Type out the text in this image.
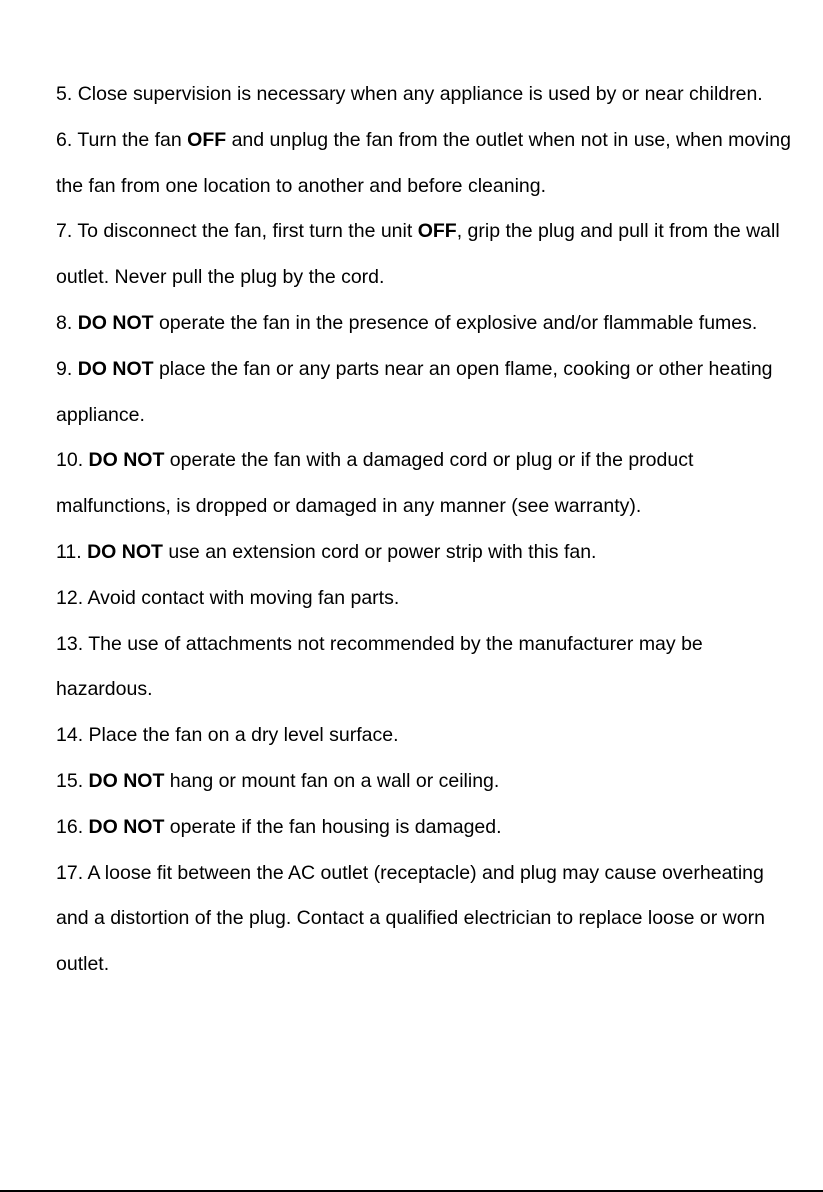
5. Close supervision is necessary when any appliance is used by or near children.

6. Turn the fan OFF and unplug the fan from the outlet when not in use, when moving the fan from one location to another and before cleaning.

7. To disconnect the fan, first turn the unit OFF, grip the plug and pull it from the wall outlet. Never pull the plug by the cord.

8. DO NOT operate the fan in the presence of explosive and/or flammable fumes.

9. DO NOT place the fan or any parts near an open flame, cooking or other heating appliance.

10. DO NOT operate the fan with a damaged cord or plug or if the product malfunctions, is dropped or damaged in any manner (see warranty).

11. DO NOT use an extension cord or power strip with this fan.

12. Avoid contact with moving fan parts.

13. The use of attachments not recommended by the manufacturer may be hazardous.

14. Place the fan on a dry level surface.

15. DO NOT hang or mount fan on a wall or ceiling.

16. DO NOT operate if the fan housing is damaged.

17. A loose fit between the AC outlet (receptacle) and plug may cause overheating and a distortion of the plug. Contact a qualified electrician to replace loose or worn outlet.
